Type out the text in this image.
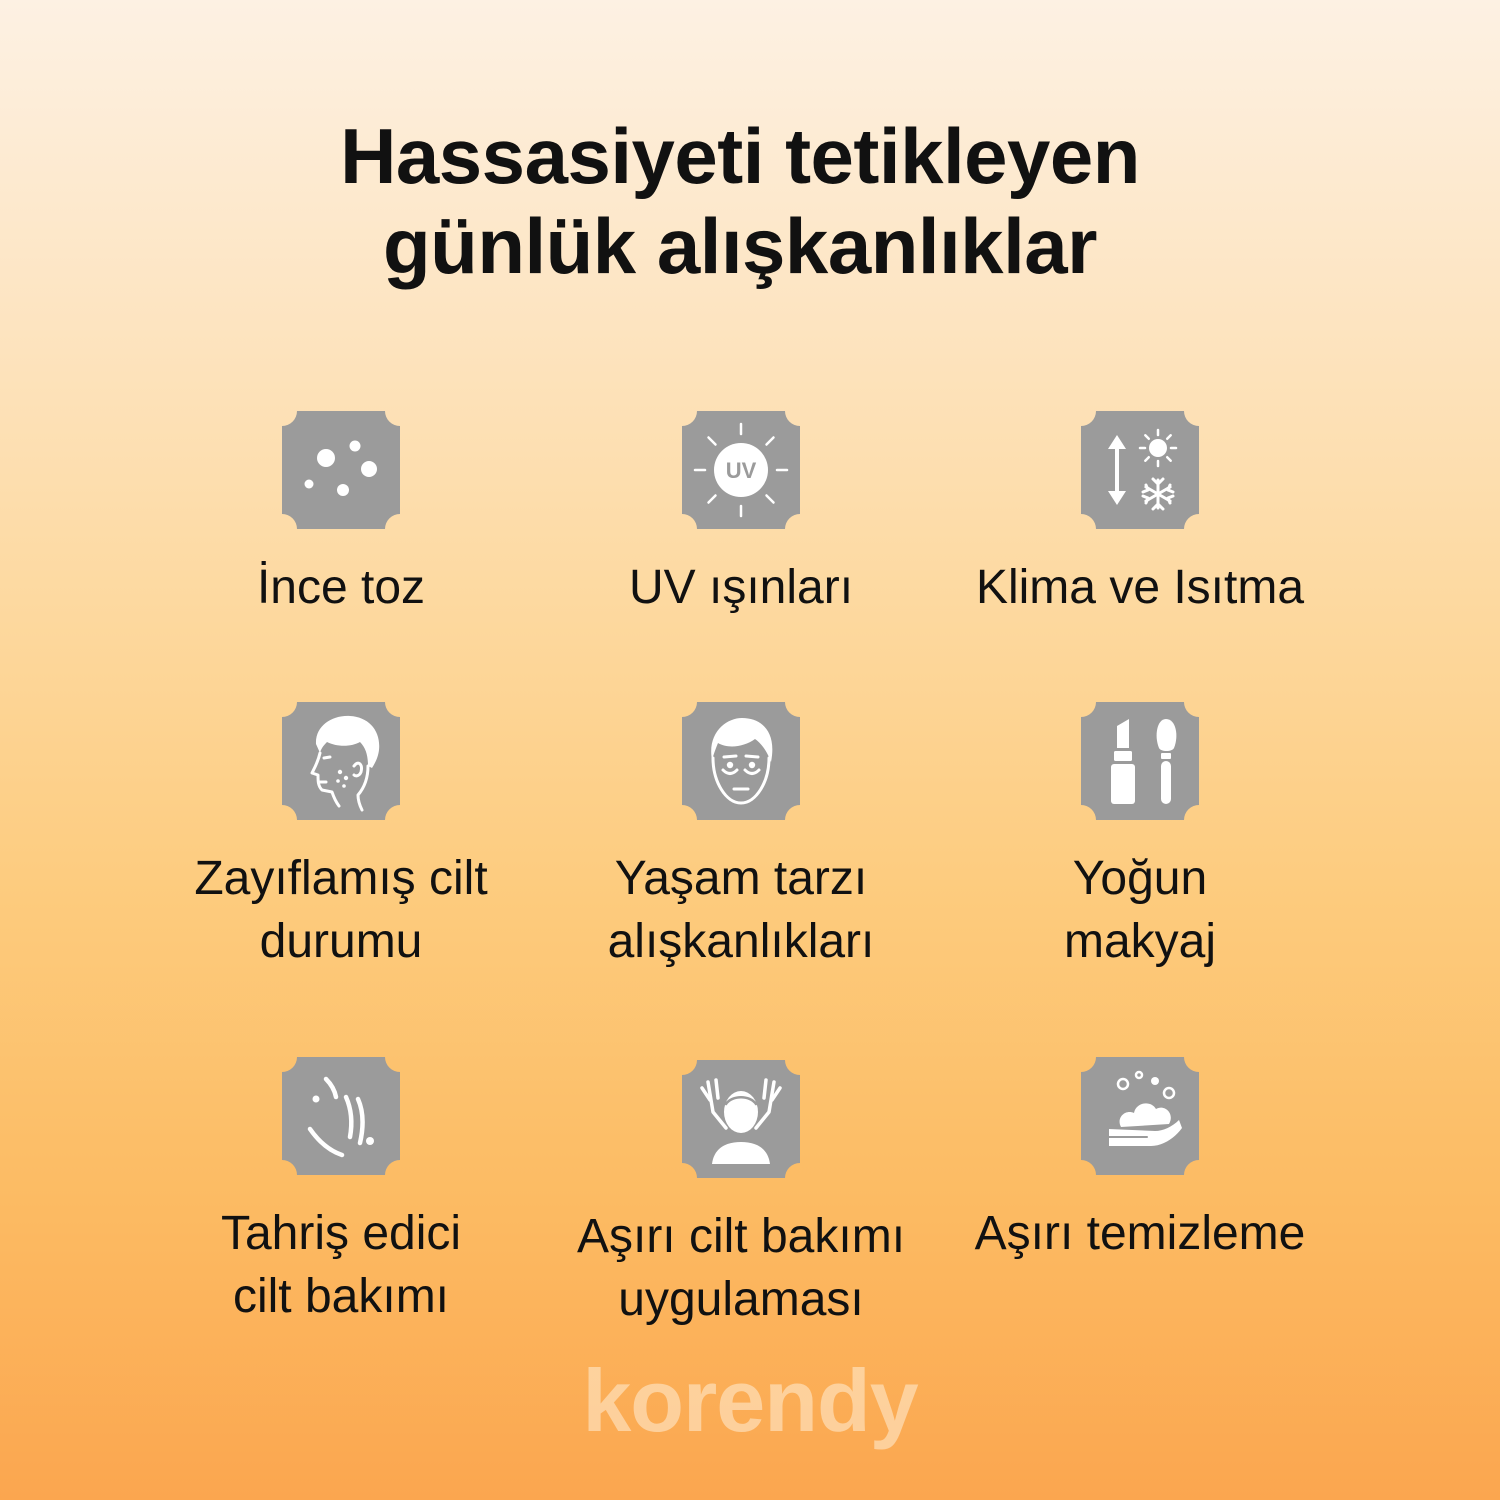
Hassasiyeti tetikleyen
günlük alışkanlıklar
İnce toz
UV
UV ışınları	Klima ve Isıtma
Zayıflamış cilt
durumu
Yaşam tarzı
alışkanlıkları
Yoğun
makyaj
Tahriş edici
cilt bakımı
Aşırı cilt bakımı
uygulaması
Aşırı temizleme
korendy
